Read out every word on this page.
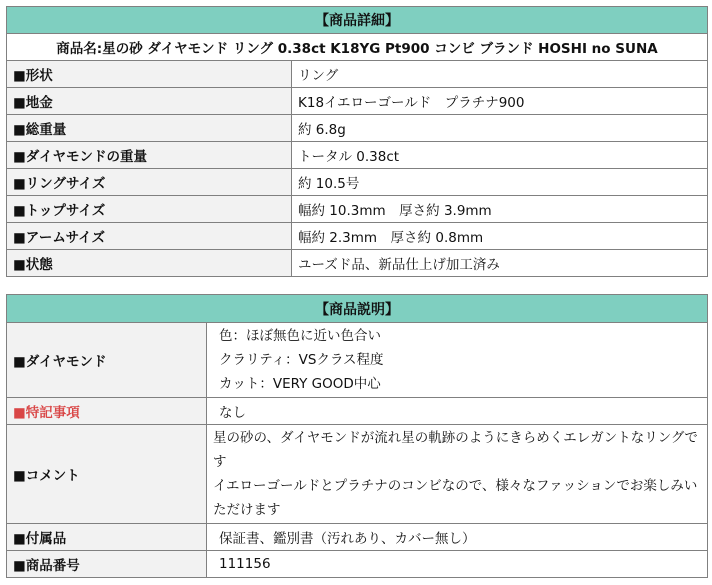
【商品詳細】	
商品名:星の砂 ダイヤモンド リング 0.38ct K18YG Pt900 コンビ ブランド HOSHI no SUNA	
■形状	リング
■地金	K18イエローゴールド　プラチナ900
■総重量	約 6.8g
■ダイヤモンドの重量	トータル 0.38ct
■リングサイズ	約 10.5号
■トップサイズ	幅約 10.3mm　厚さ約 3.9mm
■アームサイズ	幅約 2.3mm　厚さ約 0.8mm
■状態	ユーズド品、新品仕上げ加工済み
【商品説明】	
■ダイヤモンド	色：ほぼ無色に近い色合い
クラリティ：VSクラス程度
カット：VERY GOOD中心

■特記事項	なし
■コメント	星の砂の、ダイヤモンドが流れ星の軌跡のようにきらめくエレガントなリングです
イエローゴールドとプラチナのコンビなので、様々なファッションでお楽しみいただけます
■付属品	保証書、鑑別書（汚れあり、カバー無し）
■商品番号	111156
